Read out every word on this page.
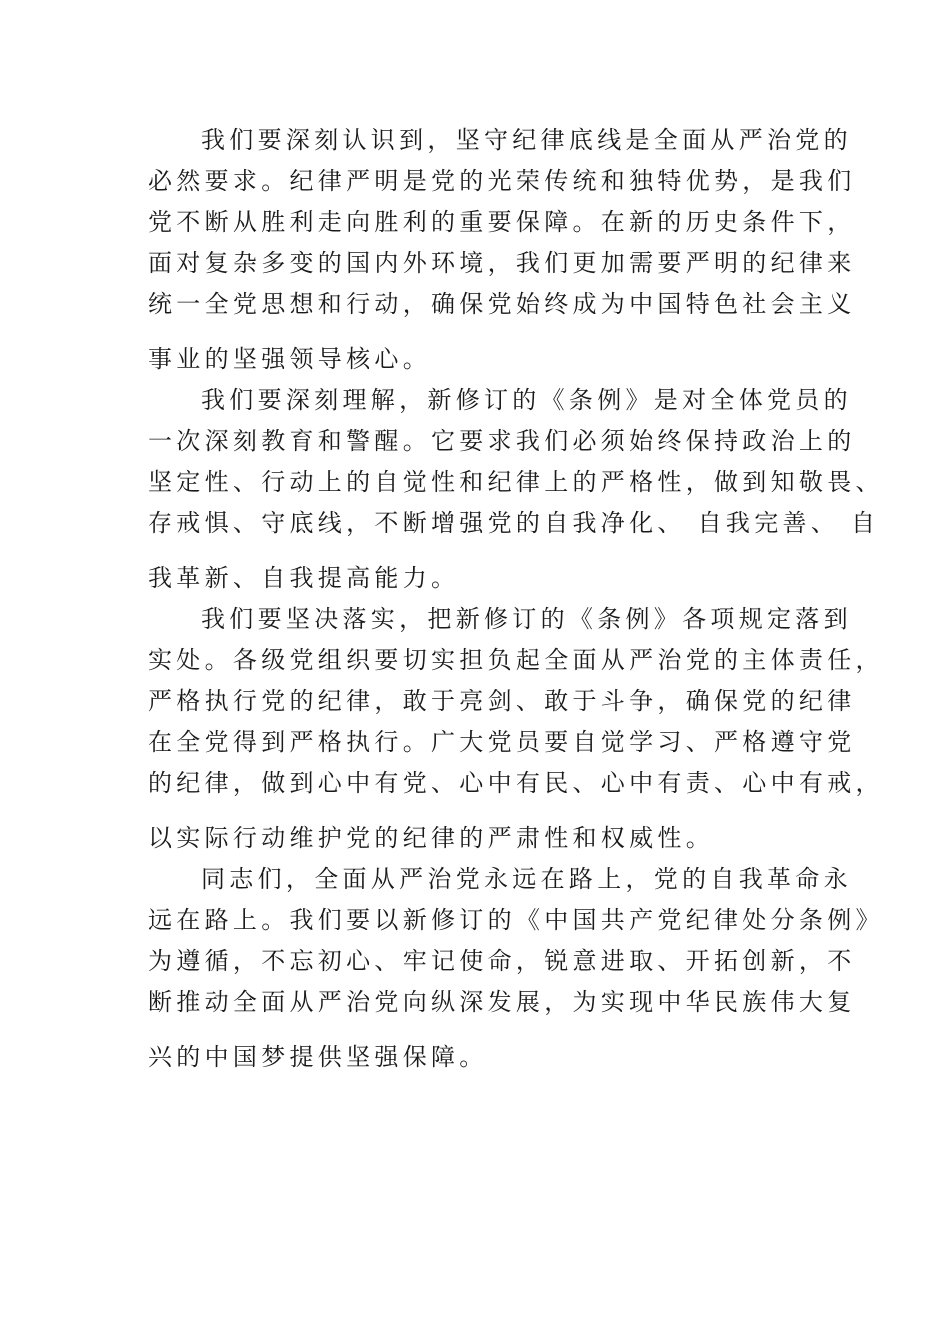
我们要深刻认识到，坚守纪律底线是全面从严治党的
必然要求。纪律严明是党的光荣传统和独特优势，是我们
党不断从胜利走向胜利的重要保障。在新的历史条件下，
面对复杂多变的国内外环境，我们更加需要严明的纪律来
统一全党思想和行动，确保党始终成为中国特色社会主义
事业的坚强领导核心。

我们要深刻理解，新修订的《条例》是对全体党员的
一次深刻教育和警醒。它要求我们必须始终保持政治上的
坚定性、行动上的自觉性和纪律上的严格性，做到知敬畏、
存戒惧、守底线，不断增强党的自我净化、 自我完善、 自
我革新、自我提高能力。

我们要坚决落实，把新修订的《条例》各项规定落到
实处。各级党组织要切实担负起全面从严治党的主体责任，
严格执行党的纪律，敢于亮剑、敢于斗争，确保党的纪律
在全党得到严格执行。广大党员要自觉学习、严格遵守党
的纪律，做到心中有党、心中有民、心中有责、心中有戒，
以实际行动维护党的纪律的严肃性和权威性。

同志们，全面从严治党永远在路上，党的自我革命永
远在路上。我们要以新修订的《中国共产党纪律处分条例》
为遵循，不忘初心、牢记使命，锐意进取、开拓创新，不
断推动全面从严治党向纵深发展，为实现中华民族伟大复
兴的中国梦提供坚强保障。
